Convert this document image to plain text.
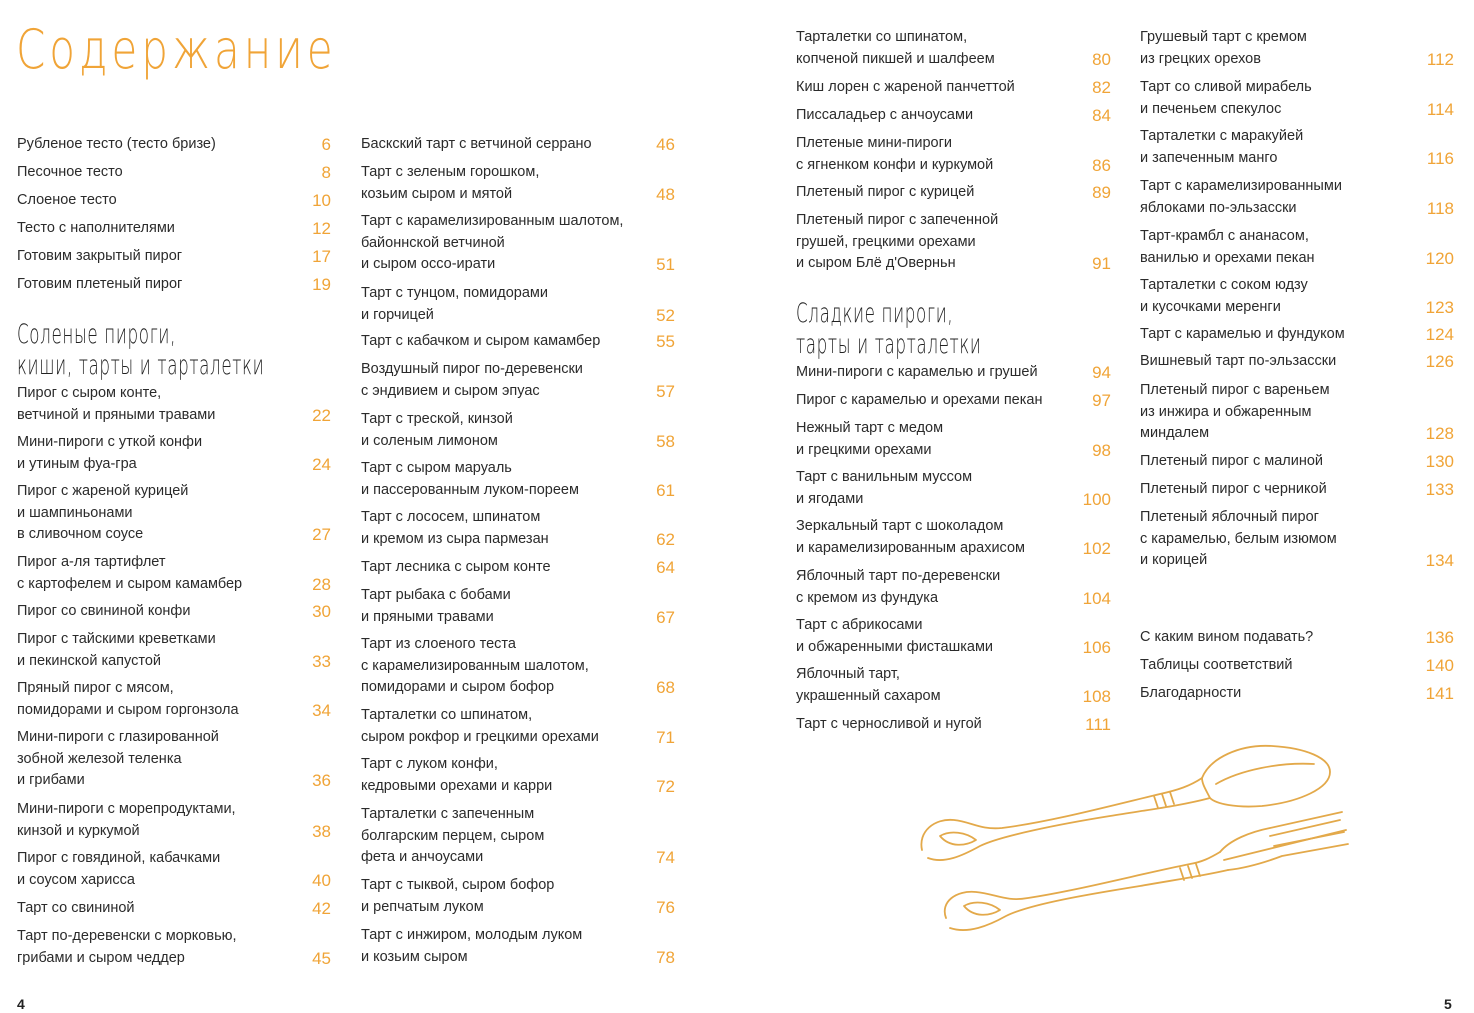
Содержание
Соленые пироги,
киши, тарты и тарталетки
Сладкие пироги,
тарты и тарталетки
Рубленое тесто (тесто бризе)	6
Песочное тесто	8
Слоеное тесто	10
Тесто с наполнителями	12
Готовим закрытый пирог	17
Готовим плетеный пирог	19
Пирог с сыром конте,
ветчиной и пряными травами	22
Мини-пироги с уткой конфи
и утиным фуа-гра	24
Пирог с жареной курицей
и шампиньонами
в сливочном соусе	27
Пирог а-ля тартифлет
с картофелем и сыром камамбер	28
Пирог со свининой конфи	30
Пирог с тайскими креветками
и пекинской капустой	33
Пряный пирог с мясом,
помидорами и сыром горгонзола	34
Мини-пироги с глазированной
зобной железой теленка
и грибами	36
Мини-пироги с морепродуктами,
кинзой и куркумой	38
Пирог с говядиной, кабачками
и соусом харисса	40
Тарт со свининой	42
Тарт по-деревенски с морковью,
грибами и сыром чеддер	45
Баскский тарт с ветчиной серрано	46
Тарт с зеленым горошком,
козьим сыром и мятой	48
Тарт с карамелизированным шалотом,
байоннской ветчиной
и сыром оссо-ирати	51
Тарт с тунцом, помидорами
и горчицей	52
Тарт с кабачком и сыром камамбер	55
Воздушный пирог по-деревенски
с эндивием и сыром эпуас	57
Тарт с треской, кинзой
и соленым лимоном	58
Тарт с сыром маруаль
и пассерованным луком-пореем	61
Тарт с лососем, шпинатом
и кремом из сыра пармезан	62
Тарт лесника с сыром конте	64
Тарт рыбака с бобами
и пряными травами	67
Тарт из слоеного теста
с карамелизированным шалотом,
помидорами и сыром бофор	68
Тарталетки со шпинатом,
сыром рокфор и грецкими орехами	71
Тарт с луком конфи,
кедровыми орехами и карри	72
Тарталетки с запеченным
болгарским перцем, сыром
фета и анчоусами	74
Тарт с тыквой, сыром бофор
и репчатым луком	76
Тарт с инжиром, молодым луком
и козьим сыром	78
Тарталетки со шпинатом,
копченой пикшей и шалфеем	80
Киш лорен с жареной панчеттой	82
Писсаладьер с анчоусами	84
Плетеные мини-пироги
с ягненком конфи и куркумой	86
Плетеный пирог с курицей	89
Плетеный пирог с запеченной
грушей, грецкими орехами
и сыром Блё д'Оверньн	91
Мини-пироги с карамелью и грушей	94
Пирог с карамелью и орехами пекан	97
Нежный тарт с медом
и грецкими орехами	98
Тарт с ванильным муссом
и ягодами	100
Зеркальный тарт с шоколадом
и карамелизированным арахисом	102
Яблочный тарт по-деревенски
с кремом из фундука	104
Тарт с абрикосами
и обжаренными фисташками	106
Яблочный тарт,
украшенный сахаром	108
Тарт с черносливой и нугой	111
Грушевый тарт с кремом
из грецких орехов	112
Тарт со сливой мирабель
и печеньем спекулос	114
Тарталетки с маракуйей
и запеченным манго	116
Тарт с карамелизированными
яблоками по-эльзасски	118
Тарт-крамбл с ананасом,
ванилью и орехами пекан	120
Тарталетки с соком юдзу
и кусочками меренги	123
Тарт с карамелью и фундуком	124
Вишневый тарт по-эльзасски	126
Плетеный пирог с вареньем
из инжира и обжаренным
миндалем	128
Плетеный пирог с малиной	130
Плетеный пирог с черникой	133
Плетеный яблочный пирог
с карамелью, белым изюмом
и корицей	134
С каким вином подавать?	136
Таблицы соответствий	140
Благодарности	141
4	5
